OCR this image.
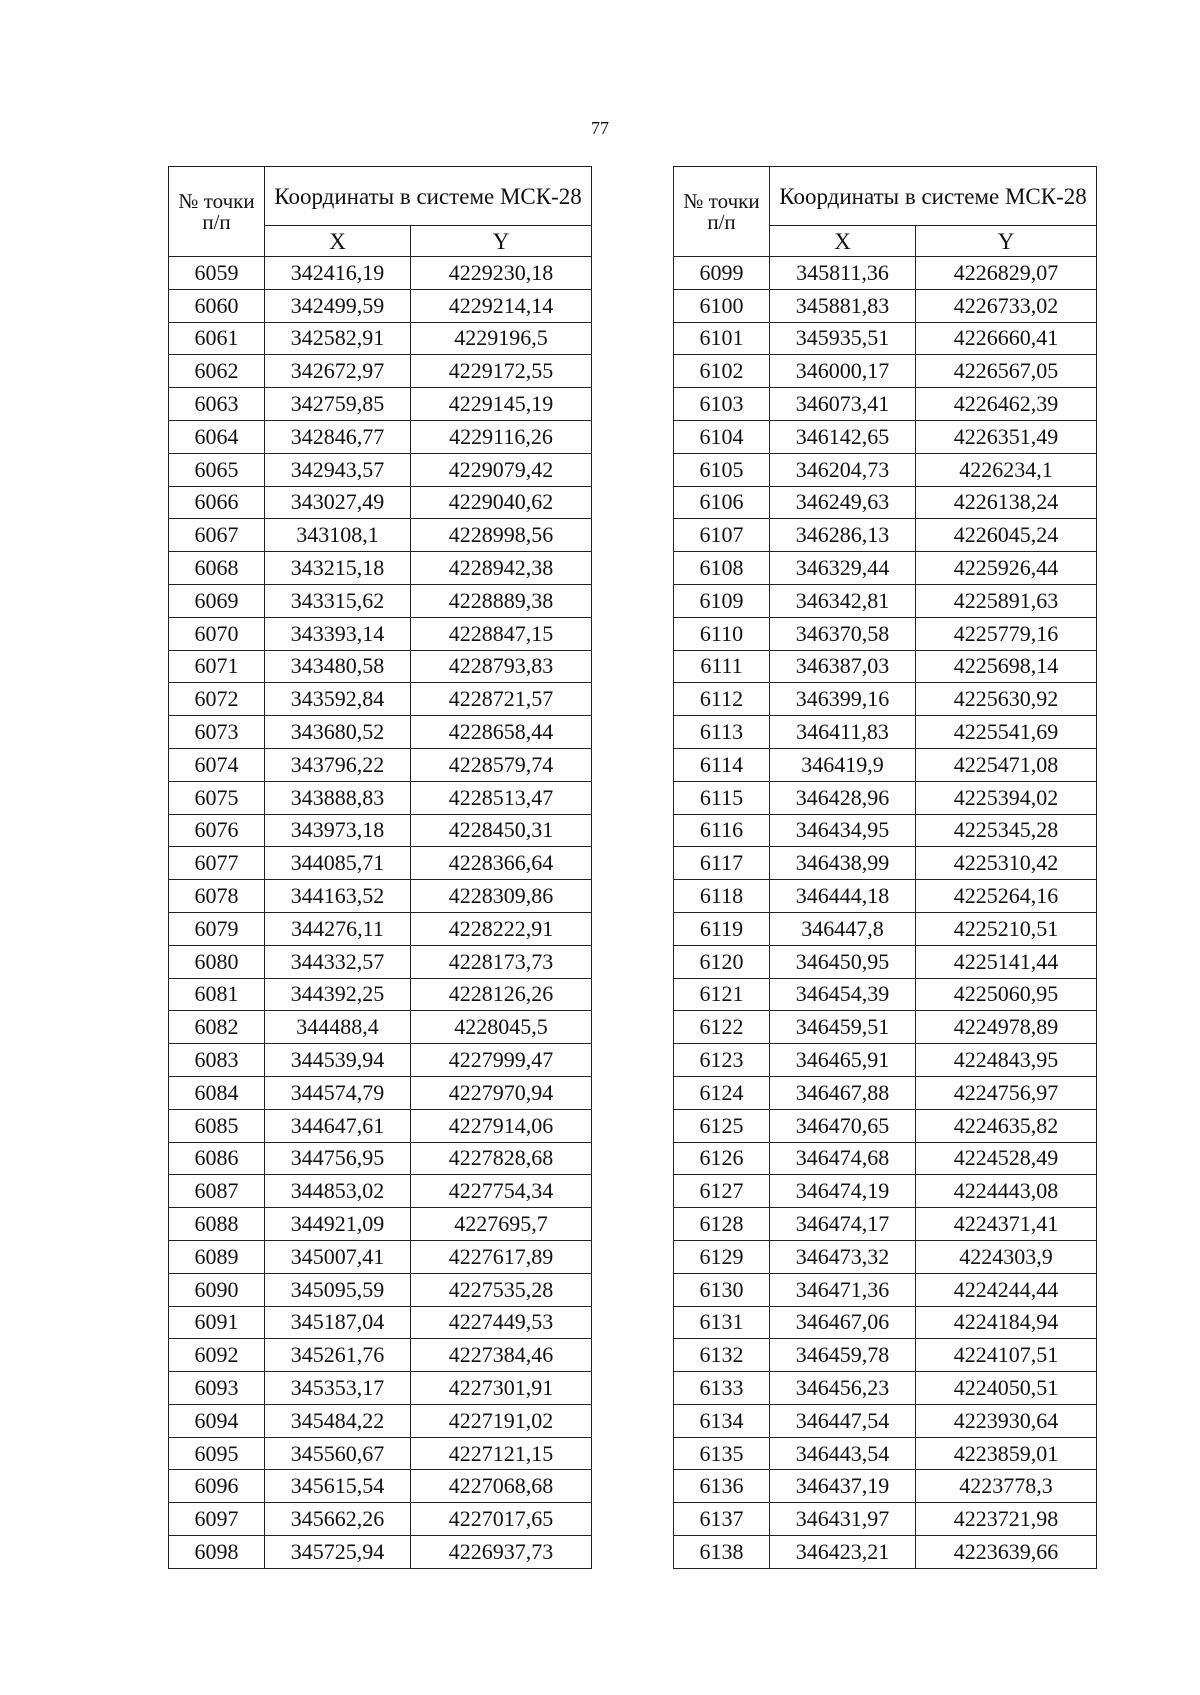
77
№ точки п/п	Координаты в системе МСК-28	
	X	Y
6059	342416,19	4229230,18
6060	342499,59	4229214,14
6061	342582,91	4229196,5
6062	342672,97	4229172,55
6063	342759,85	4229145,19
6064	342846,77	4229116,26
6065	342943,57	4229079,42
6066	343027,49	4229040,62
6067	343108,1	4228998,56
6068	343215,18	4228942,38
6069	343315,62	4228889,38
6070	343393,14	4228847,15
6071	343480,58	4228793,83
6072	343592,84	4228721,57
6073	343680,52	4228658,44
6074	343796,22	4228579,74
6075	343888,83	4228513,47
6076	343973,18	4228450,31
6077	344085,71	4228366,64
6078	344163,52	4228309,86
6079	344276,11	4228222,91
6080	344332,57	4228173,73
6081	344392,25	4228126,26
6082	344488,4	4228045,5
6083	344539,94	4227999,47
6084	344574,79	4227970,94
6085	344647,61	4227914,06
6086	344756,95	4227828,68
6087	344853,02	4227754,34
6088	344921,09	4227695,7
6089	345007,41	4227617,89
6090	345095,59	4227535,28
6091	345187,04	4227449,53
6092	345261,76	4227384,46
6093	345353,17	4227301,91
6094	345484,22	4227191,02
6095	345560,67	4227121,15
6096	345615,54	4227068,68
6097	345662,26	4227017,65
6098	345725,94	4226937,73
№ точки п/п	Координаты в системе МСК-28	
	X	Y
6099	345811,36	4226829,07
6100	345881,83	4226733,02
6101	345935,51	4226660,41
6102	346000,17	4226567,05
6103	346073,41	4226462,39
6104	346142,65	4226351,49
6105	346204,73	4226234,1
6106	346249,63	4226138,24
6107	346286,13	4226045,24
6108	346329,44	4225926,44
6109	346342,81	4225891,63
6110	346370,58	4225779,16
6111	346387,03	4225698,14
6112	346399,16	4225630,92
6113	346411,83	4225541,69
6114	346419,9	4225471,08
6115	346428,96	4225394,02
6116	346434,95	4225345,28
6117	346438,99	4225310,42
6118	346444,18	4225264,16
6119	346447,8	4225210,51
6120	346450,95	4225141,44
6121	346454,39	4225060,95
6122	346459,51	4224978,89
6123	346465,91	4224843,95
6124	346467,88	4224756,97
6125	346470,65	4224635,82
6126	346474,68	4224528,49
6127	346474,19	4224443,08
6128	346474,17	4224371,41
6129	346473,32	4224303,9
6130	346471,36	4224244,44
6131	346467,06	4224184,94
6132	346459,78	4224107,51
6133	346456,23	4224050,51
6134	346447,54	4223930,64
6135	346443,54	4223859,01
6136	346437,19	4223778,3
6137	346431,97	4223721,98
6138	346423,21	4223639,66
